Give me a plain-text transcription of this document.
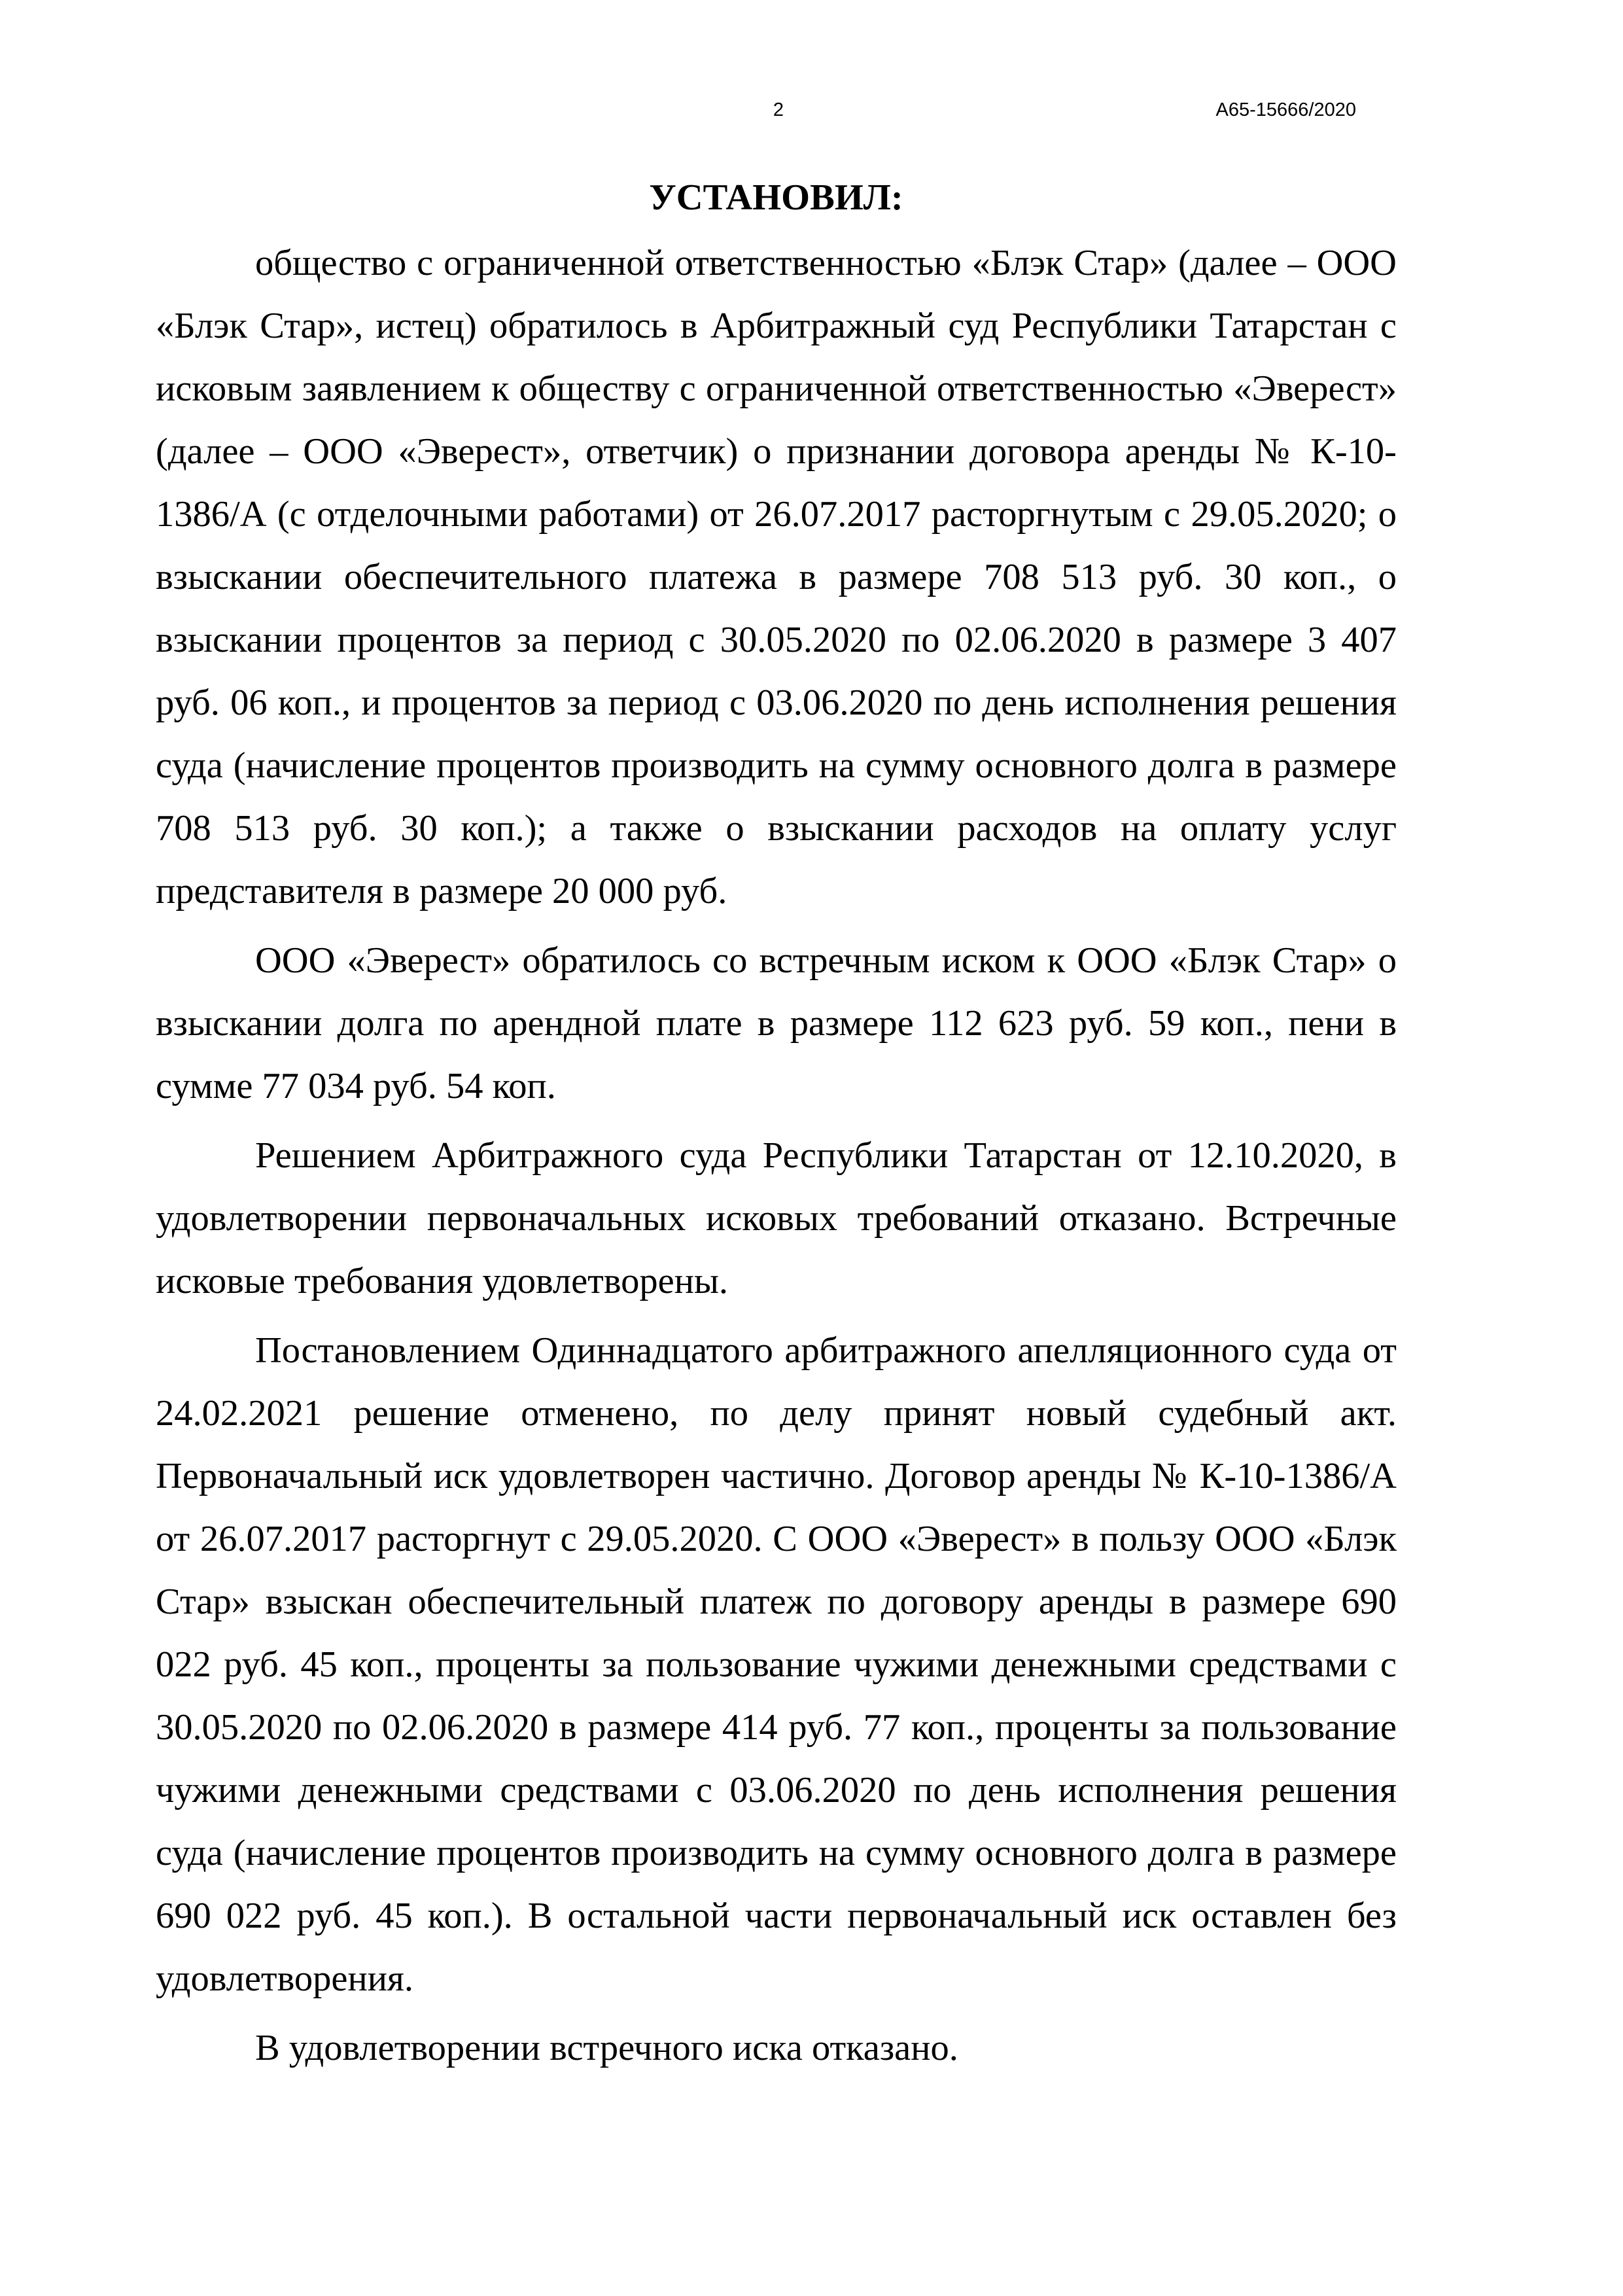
2	А65-15666/2020
УСТАНОВИЛ:

общество с ограниченной ответственностью «Блэк Стар» (далее – ООО «Блэк Стар», истец) обратилось в Арбитражный суд Республики Татарстан с исковым заявлением к обществу с ограниченной ответственностью «Эверест» (далее – ООО «Эверест», ответчик) о признании договора аренды № К-10-1386/А (с отделочными работами) от 26.07.2017 расторгнутым с 29.05.2020; о взыскании обеспечительного платежа в размере 708 513 руб. 30 коп., о взыскании процентов за период с 30.05.2020 по 02.06.2020 в размере 3 407 руб. 06 коп., и процентов за период с 03.06.2020 по день исполнения решения суда (начисление процентов производить на сумму основного долга в размере 708 513 руб. 30 коп.); а также о взыскании расходов на оплату услуг представителя в размере 20 000 руб.

ООО «Эверест» обратилось со встречным иском к ООО «Блэк Стар» о взыскании долга по арендной плате в размере 112 623 руб. 59 коп., пени в сумме 77 034 руб. 54 коп.

Решением Арбитражного суда Республики Татарстан от 12.10.2020, в удовлетворении первоначальных исковых требований отказано. Встречные исковые требования удовлетворены.

Постановлением Одиннадцатого арбитражного апелляционного суда от 24.02.2021 решение отменено, по делу принят новый судебный акт. Первоначальный иск удовлетворен частично. Договор аренды № К-10-1386/А от 26.07.2017 расторгнут с 29.05.2020. С ООО «Эверест» в пользу ООО «Блэк Стар» взыскан обеспечительный платеж по договору аренды в размере 690 022 руб. 45 коп., проценты за пользование чужими денежными средствами с 30.05.2020 по 02.06.2020 в размере 414 руб. 77 коп., проценты за пользование чужими денежными средствами с 03.06.2020 по день исполнения решения суда (начисление процентов производить на сумму основного долга в размере 690 022 руб. 45 коп.). В остальной части первоначальный иск оставлен без удовлетворения.

В удовлетворении встречного иска отказано.
